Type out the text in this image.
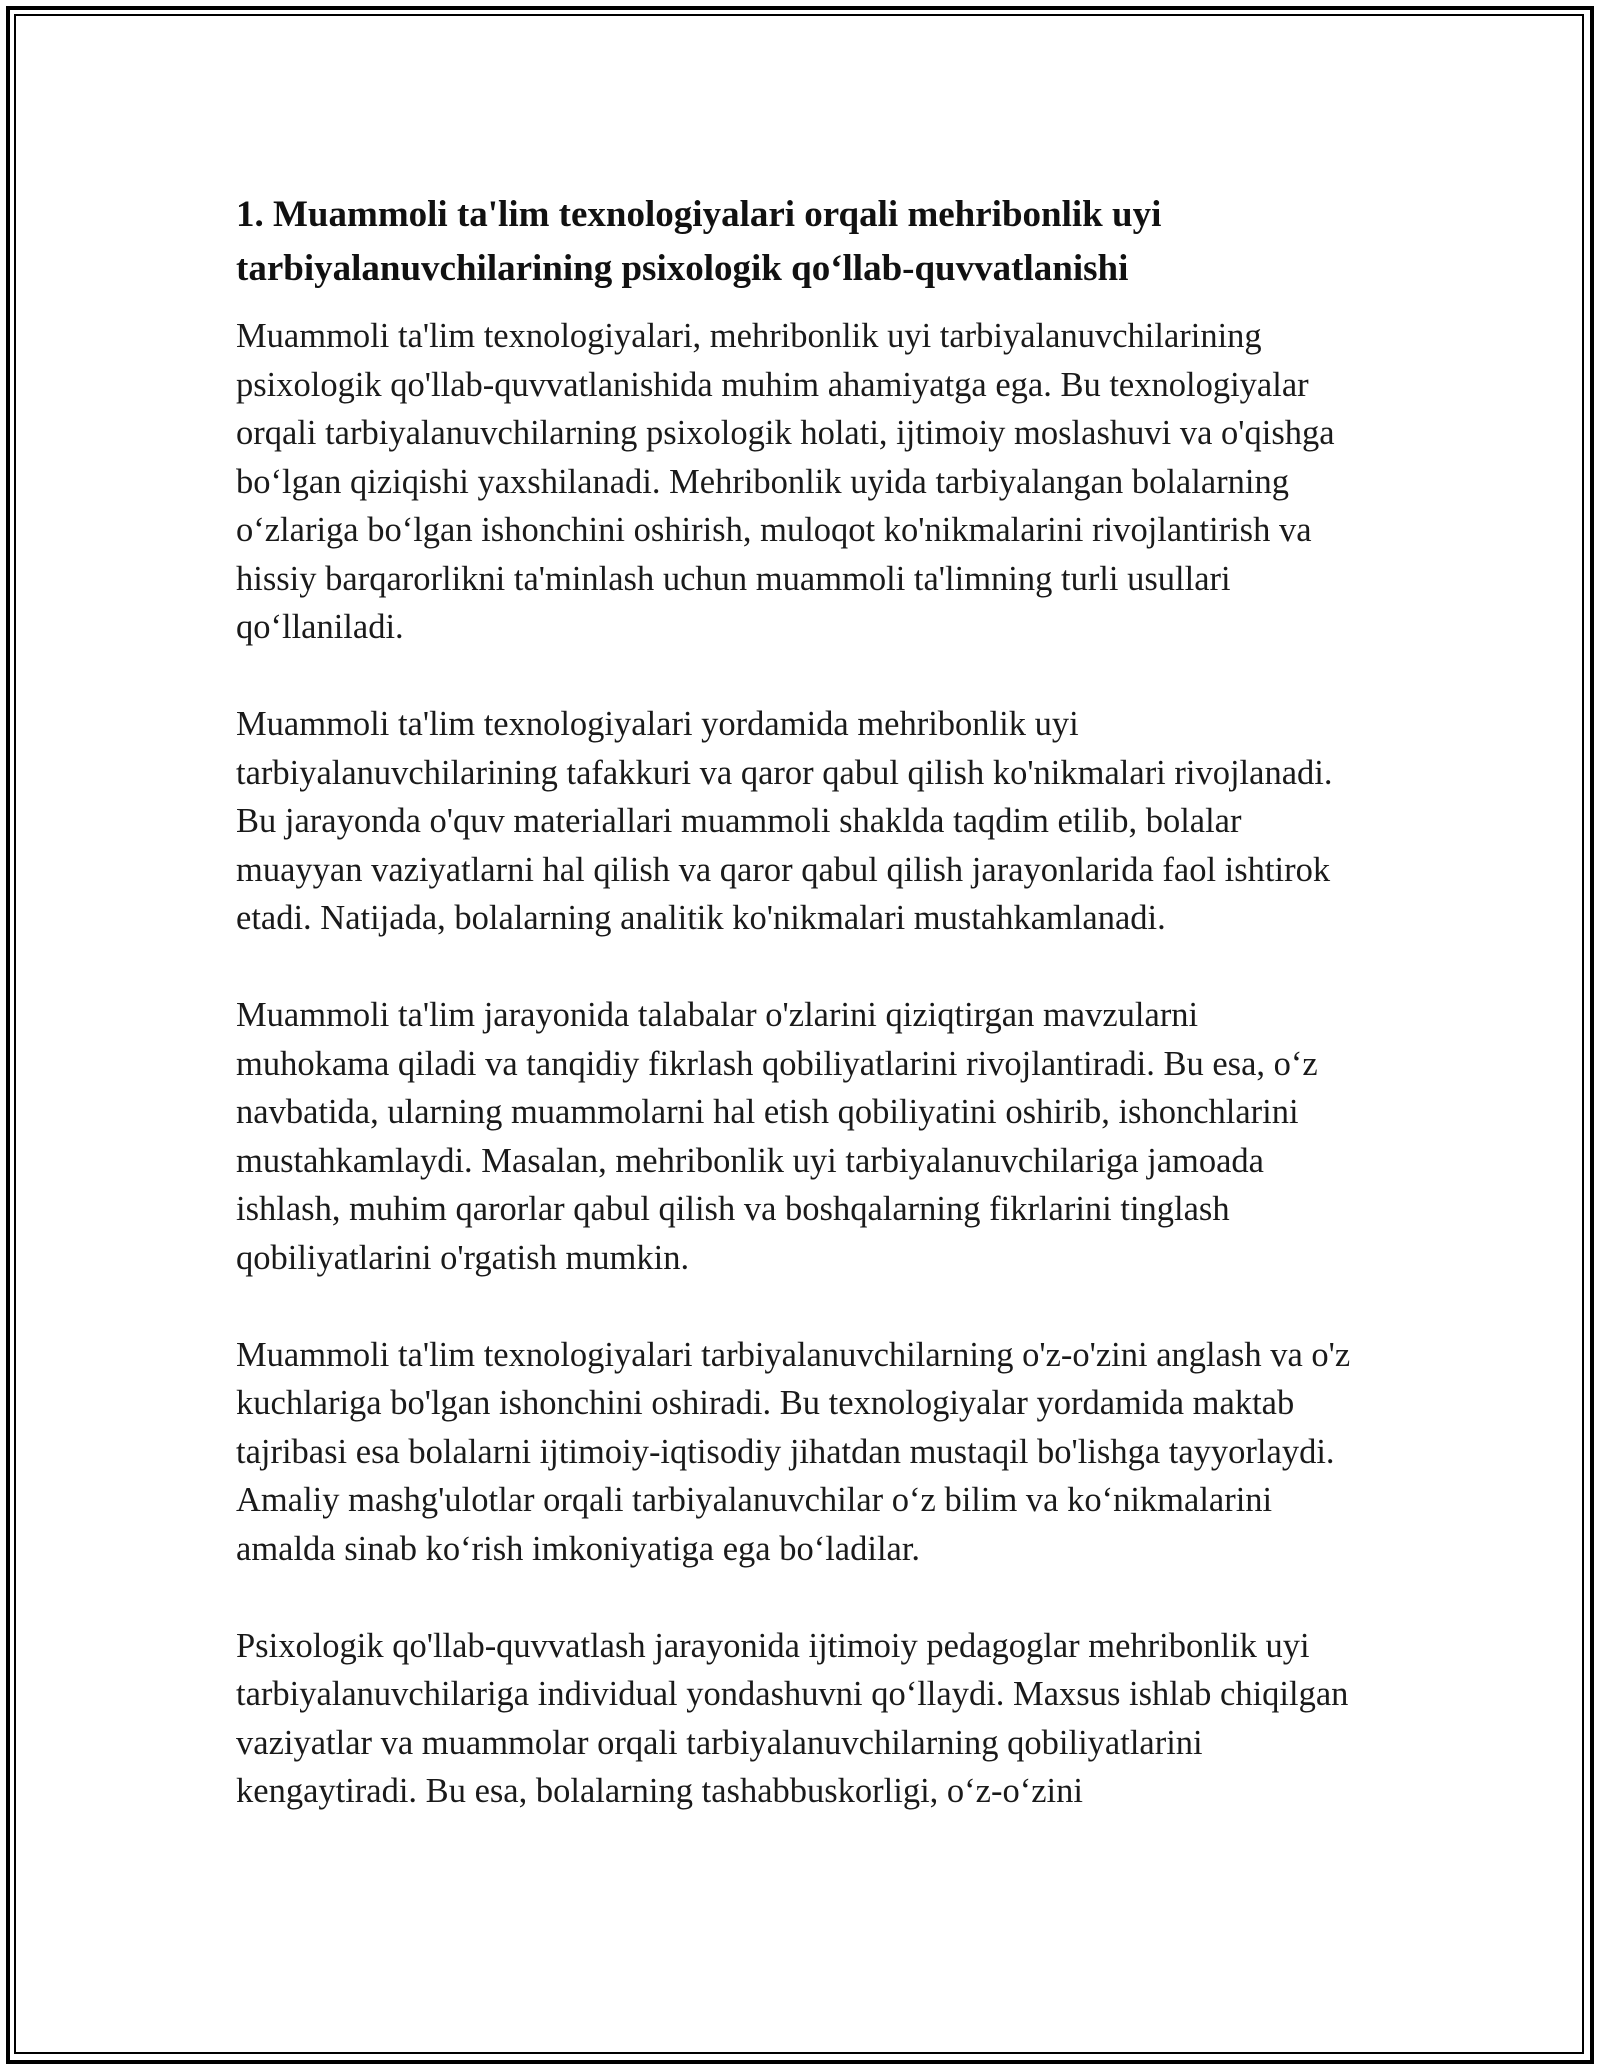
1. Muammoli ta'lim texnologiyalari orqali mehribonlik uyi tarbiyalanuvchilarining psixologik qo‘llab-quvvatlanishi

Muammoli ta'lim texnologiyalari, mehribonlik uyi tarbiyalanuvchilarining psixologik qo'llab-quvvatlanishida muhim ahamiyatga ega. Bu texnologiyalar orqali tarbiyalanuvchilarning psixologik holati, ijtimoiy moslashuvi va o'qishga bo‘lgan qiziqishi yaxshilanadi. Mehribonlik uyida tarbiyalangan bolalarning o‘zlariga bo‘lgan ishonchini oshirish, muloqot ko'nikmalarini rivojlantirish va hissiy barqarorlikni ta'minlash uchun muammoli ta'limning turli usullari qo‘llaniladi.

Muammoli ta'lim texnologiyalari yordamida mehribonlik uyi tarbiyalanuvchilarining tafakkuri va qaror qabul qilish ko'nikmalari rivojlanadi. Bu jarayonda o'quv materiallari muammoli shaklda taqdim etilib, bolalar muayyan vaziyatlarni hal qilish va qaror qabul qilish jarayonlarida faol ishtirok etadi. Natijada, bolalarning analitik ko'nikmalari mustahkamlanadi.

Muammoli ta'lim jarayonida talabalar o'zlarini qiziqtirgan mavzularni muhokama qiladi va tanqidiy fikrlash qobiliyatlarini rivojlantiradi. Bu esa, o‘z navbatida, ularning muammolarni hal etish qobiliyatini oshirib, ishonchlarini mustahkamlaydi. Masalan, mehribonlik uyi tarbiyalanuvchilariga jamoada ishlash, muhim qarorlar qabul qilish va boshqalarning fikrlarini tinglash qobiliyatlarini o'rgatish mumkin.

Muammoli ta'lim texnologiyalari tarbiyalanuvchilarning o'z-o'zini anglash va o'z kuchlariga bo'lgan ishonchini oshiradi. Bu texnologiyalar yordamida maktab tajribasi esa bolalarni ijtimoiy-iqtisodiy jihatdan mustaqil bo'lishga tayyorlaydi. Amaliy mashg'ulotlar orqali tarbiyalanuvchilar o‘z bilim va ko‘nikmalarini amalda sinab ko‘rish imkoniyatiga ega bo‘ladilar.

Psixologik qo'llab-quvvatlash jarayonida ijtimoiy pedagoglar mehribonlik uyi tarbiyalanuvchilariga individual yondashuvni qo‘llaydi. Maxsus ishlab chiqilgan vaziyatlar va muammolar orqali tarbiyalanuvchilarning qobiliyatlarini kengaytiradi. Bu esa, bolalarning tashabbuskorligi, o‘z-o‘zini
